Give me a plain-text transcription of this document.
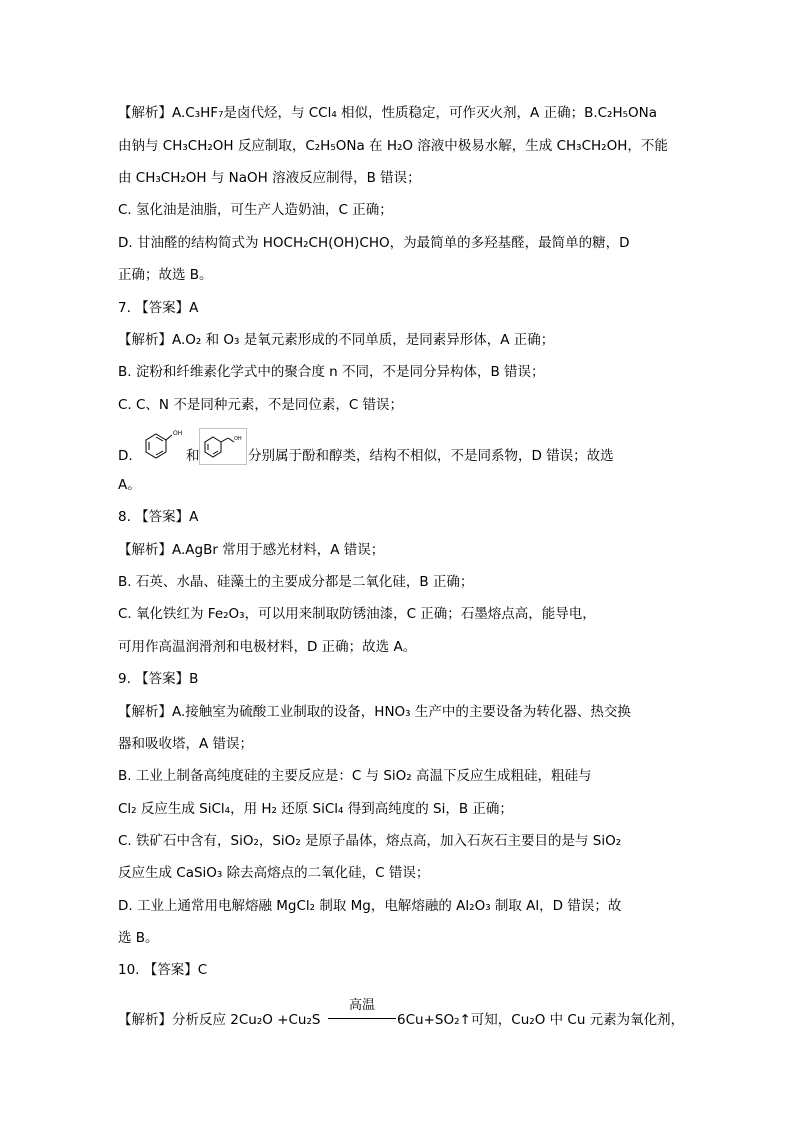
【解析】A.C₃HF₇是卤代烃，与 CCl₄ 相似，性质稳定，可作灭火剂，A 正确；B.C₂H₅ONa
由钠与 CH₃CH₂OH 反应制取，C₂H₅ONa 在 H₂O 溶液中极易水解，生成 CH₃CH₂OH，不能
由 CH₃CH₂OH 与 NaOH 溶液反应制得，B 错误；
C. 氢化油是油脂，可生产人造奶油，C 正确；
D. 甘油醛的结构简式为 HOCH₂CH(OH)CHO，为最简单的多羟基醛，最简单的糖，D
正确；故选 B。
7. 【答案】A
【解析】A.O₂ 和 O₃ 是氧元素形成的不同单质，是同素异形体，A 正确；
B. 淀粉和纤维素化学式中的聚合度 n 不同，不是同分异构体，B 错误；
C. C、N 不是同种元素，不是同位素，C 错误；
D.	和	分别属于酚和醇类，结构不相似，不是同系物，D 错误；故选
OH
OH
A。
8. 【答案】A
【解析】A.AgBr 常用于感光材料，A 错误；
B. 石英、水晶、硅藻土的主要成分都是二氧化硅，B 正确；
C. 氧化铁红为 Fe₂O₃，可以用来制取防锈油漆，C 正确；石墨熔点高，能导电，
可用作高温润滑剂和电极材料，D 正确；故选 A。
9. 【答案】B
【解析】A.接触室为硫酸工业制取的设备，HNO₃ 生产中的主要设备为转化器、热交换
器和吸收塔，A 错误；
B. 工业上制备高纯度硅的主要反应是：C 与 SiO₂ 高温下反应生成粗硅，粗硅与
Cl₂ 反应生成 SiCl₄，用 H₂ 还原 SiCl₄ 得到高纯度的 Si，B 正确；
C. 铁矿石中含有，SiO₂，SiO₂ 是原子晶体，熔点高，加入石灰石主要目的是与 SiO₂
反应生成 CaSiO₃ 除去高熔点的二氧化硅，C 错误；
D. 工业上通常用电解熔融 MgCl₂ 制取 Mg，电解熔融的 Al₂O₃ 制取 Al，D 错误；故
选 B。
10. 【答案】C
【解析】分析反应 2Cu₂O +Cu₂S
高温
6Cu+SO₂↑可知，Cu₂O 中 Cu 元素为氧化剂，
